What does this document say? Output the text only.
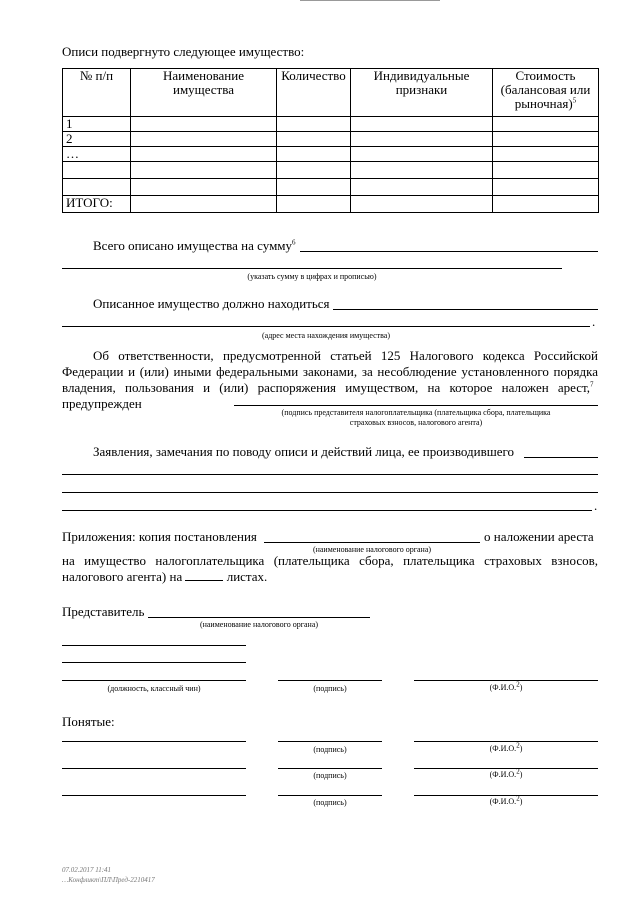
Описи подвергнуто следующее имущество:
№ п/п	Наименование имущества	Количество	Индивидуальные признаки	Стоимость (балансовая или рыночная)$^5$
1				
2				
…				

ИТОГО:				
Всего описано имущества на сумму$^6$
(указать сумму в цифрах и прописью)
Описанное имущество должно находиться
.
(адрес места нахождения имущества)
Об ответственности, предусмотренной статьей 125 Налогового кодекса Российской
Федерации и (или) иными федеральными законами, за несоблюдение установленного порядка
владения, пользования и (или) распоряжения имуществом, на которое наложен арест,$^7$
предупрежден
(подпись представителя налогоплательщика (плательщика сбора, плательщика
страховых взносов, налогового агента)
Заявления, замечания по поводу описи и действий лица, ее производившего
.
Приложения: копия постановления	о наложении ареста
(наименование налогового органа)
на имущество налогоплательщика (плательщика сбора, плательщика страховых взносов,
налогового агента) на	листах.
Представитель
(наименование налогового органа)
(должность, классный чин)	(подпись)	(Ф.И.О.$^2$)
Понятые:
(подпись)	(Ф.И.О.$^2$)
(подпись)	(Ф.И.О.$^2$)
(подпись)	(Ф.И.О.$^2$)
07.02.2017 11:41
…Конфликт\ПЛ\Пред-2210417
